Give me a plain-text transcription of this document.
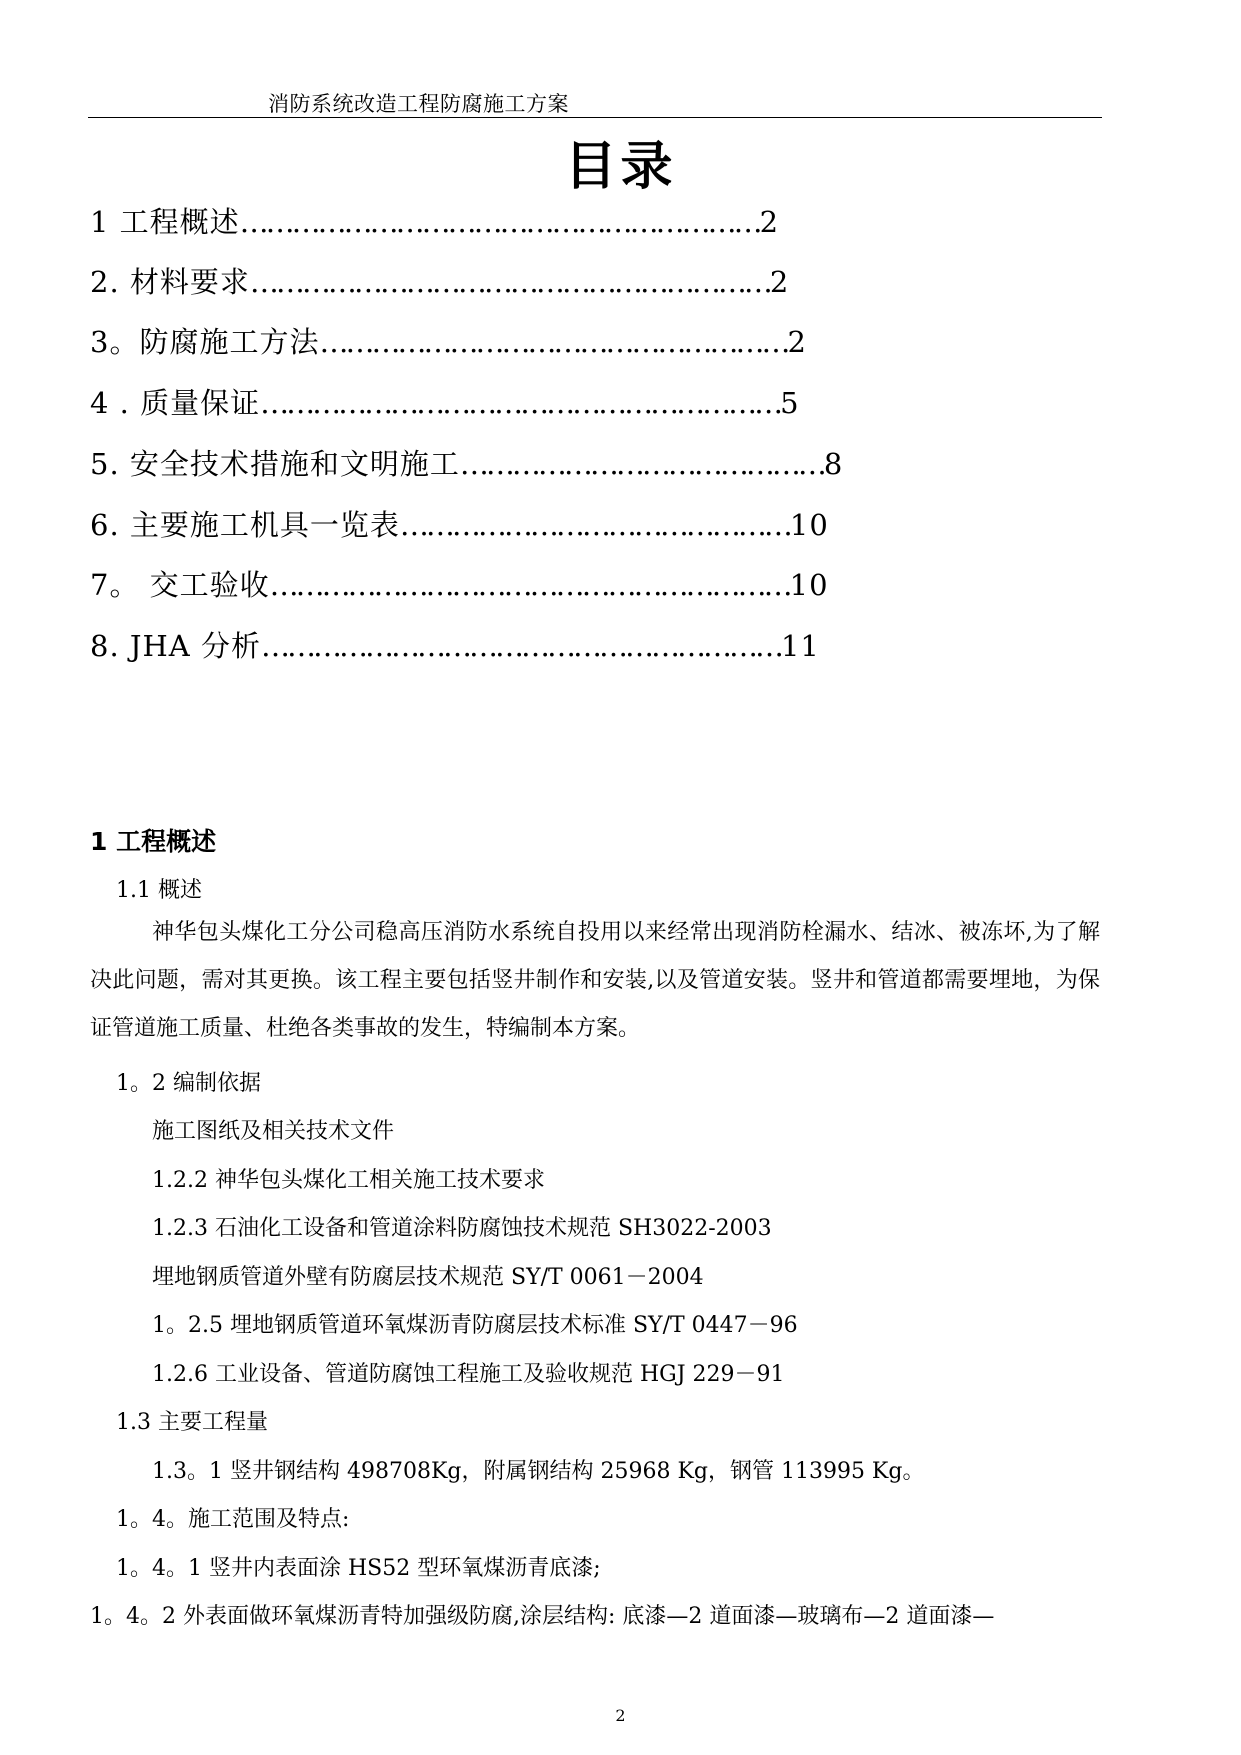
消防系统改造工程防腐施工方案
目录
1 工程概述……………………………………………………2
2. 材料要求……………………………………………………2
3。防腐施工方法………………………………………………2
4 . 质量保证……………………………………………………5
5. 安全技术措施和文明施工……………………………………8
6. 主要施工机具一览表………………………………………10
7。 交工验收……………………………………………………10
8. JHA 分析……………………………………………………11
1 工程概述
1.1 概述
神华包头煤化工分公司稳高压消防水系统自投用以来经常出现消防栓漏水、结冰、被冻坏,为了解决此问题，需对其更换。该工程主要包括竖井制作和安装,以及管道安装。竖井和管道都需要埋地，为保证管道施工质量、杜绝各类事故的发生，特编制本方案。
1。2 编制依据
施工图纸及相关技术文件
1.2.2 神华包头煤化工相关施工技术要求
1.2.3 石油化工设备和管道涂料防腐蚀技术规范 SH3022-2003
埋地钢质管道外壁有防腐层技术规范 SY/T 0061－2004
1。2.5 埋地钢质管道环氧煤沥青防腐层技术标准 SY/T 0447－96
1.2.6 工业设备、管道防腐蚀工程施工及验收规范 HGJ 229－91
1.3 主要工程量
1.3。1 竖井钢结构 498708Kg，附属钢结构 25968 Kg，钢管 113995 Kg。
1。4。施工范围及特点:
1。4。1 竖井内表面涂 HS52 型环氧煤沥青底漆;
1。4。2 外表面做环氧煤沥青特加强级防腐,涂层结构: 底漆—2 道面漆—玻璃布—2 道面漆—
2
